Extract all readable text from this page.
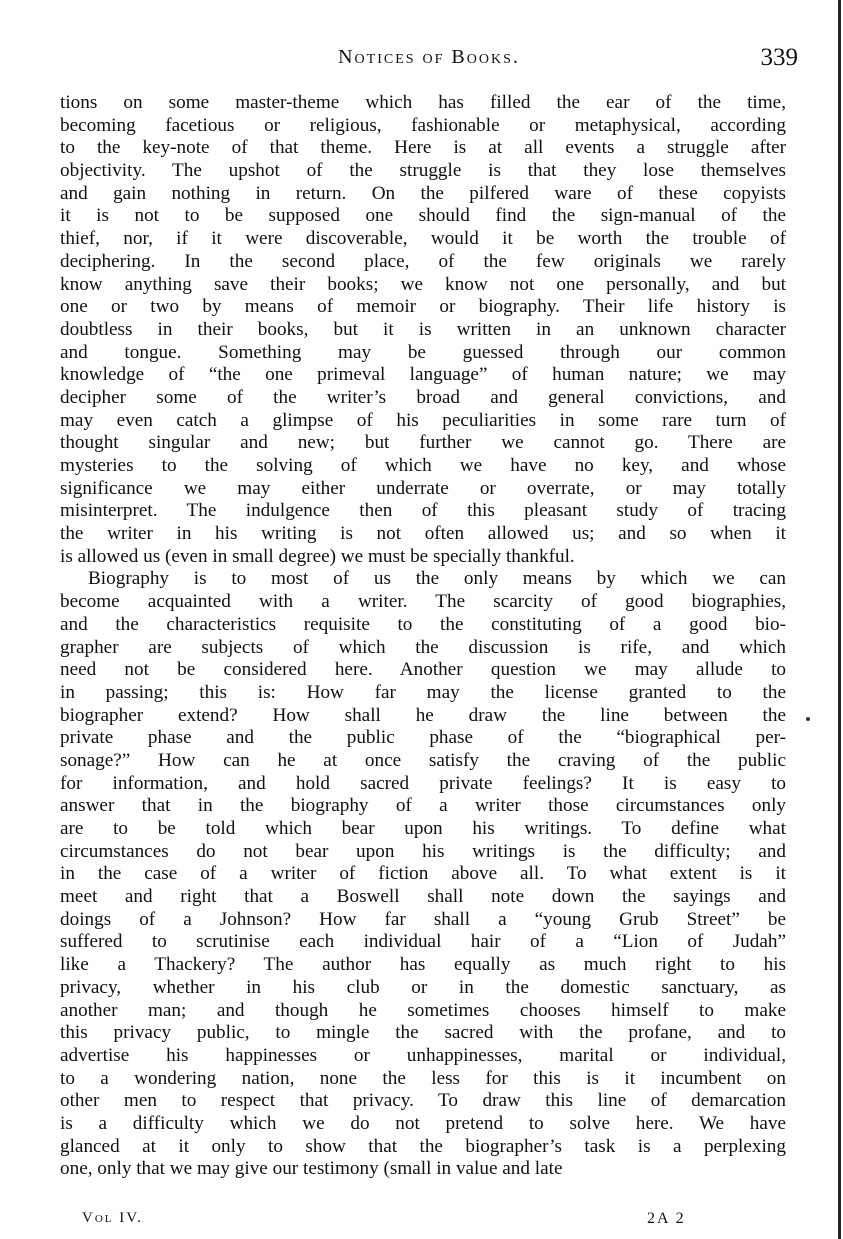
Notices of Books.	339
tions on some master-theme which has filled the ear of the time,
becoming facetious or religious, fashionable or metaphysical, according
to the key-note of that theme. Here is at all events a struggle after
objectivity. The upshot of the struggle is that they lose themselves
and gain nothing in return. On the pilfered ware of these copyists
it is not to be supposed one should find the sign-manual of the
thief, nor, if it were discoverable, would it be worth the trouble of
deciphering. In the second place, of the few originals we rarely
know anything save their books; we know not one personally, and but
one or two by means of memoir or biography. Their life history is
doubtless in their books, but it is written in an unknown character
and tongue. Something may be guessed through our common
knowledge of “the one primeval language” of human nature; we may
decipher some of the writer’s broad and general convictions, and
may even catch a glimpse of his peculiarities in some rare turn of
thought singular and new; but further we cannot go. There are
mysteries to the solving of which we have no key, and whose
significance we may either underrate or overrate, or may totally
misinterpret. The indulgence then of this pleasant study of tracing
the writer in his writing is not often allowed us; and so when it
is allowed us (even in small degree) we must be specially thankful.
Biography is to most of us the only means by which we can
become acquainted with a writer. The scarcity of good biographies,
and the characteristics requisite to the constituting of a good bio-
grapher are subjects of which the discussion is rife, and which
need not be considered here. Another question we may allude to
in passing; this is: How far may the license granted to the
biographer extend? How shall he draw the line between the
private phase and the public phase of the “biographical per-
sonage?” How can he at once satisfy the craving of the public
for information, and hold sacred private feelings? It is easy to
answer that in the biography of a writer those circumstances only
are to be told which bear upon his writings. To define what
circumstances do not bear upon his writings is the difficulty; and
in the case of a writer of fiction above all. To what extent is it
meet and right that a Boswell shall note down the sayings and
doings of a Johnson? How far shall a “young Grub Street” be
suffered to scrutinise each individual hair of a “Lion of Judah”
like a Thackery? The author has equally as much right to his
privacy, whether in his club or in the domestic sanctuary, as
another man; and though he sometimes chooses himself to make
this privacy public, to mingle the sacred with the profane, and to
advertise his happinesses or unhappinesses, marital or individual,
to a wondering nation, none the less for this is it incumbent on
other men to respect that privacy. To draw this line of demarcation
is a difficulty which we do not pretend to solve here. We have
glanced at it only to show that the biographer’s task is a perplexing
one, only that we may give our testimony (small in value and late
Vol IV.	2A 2
